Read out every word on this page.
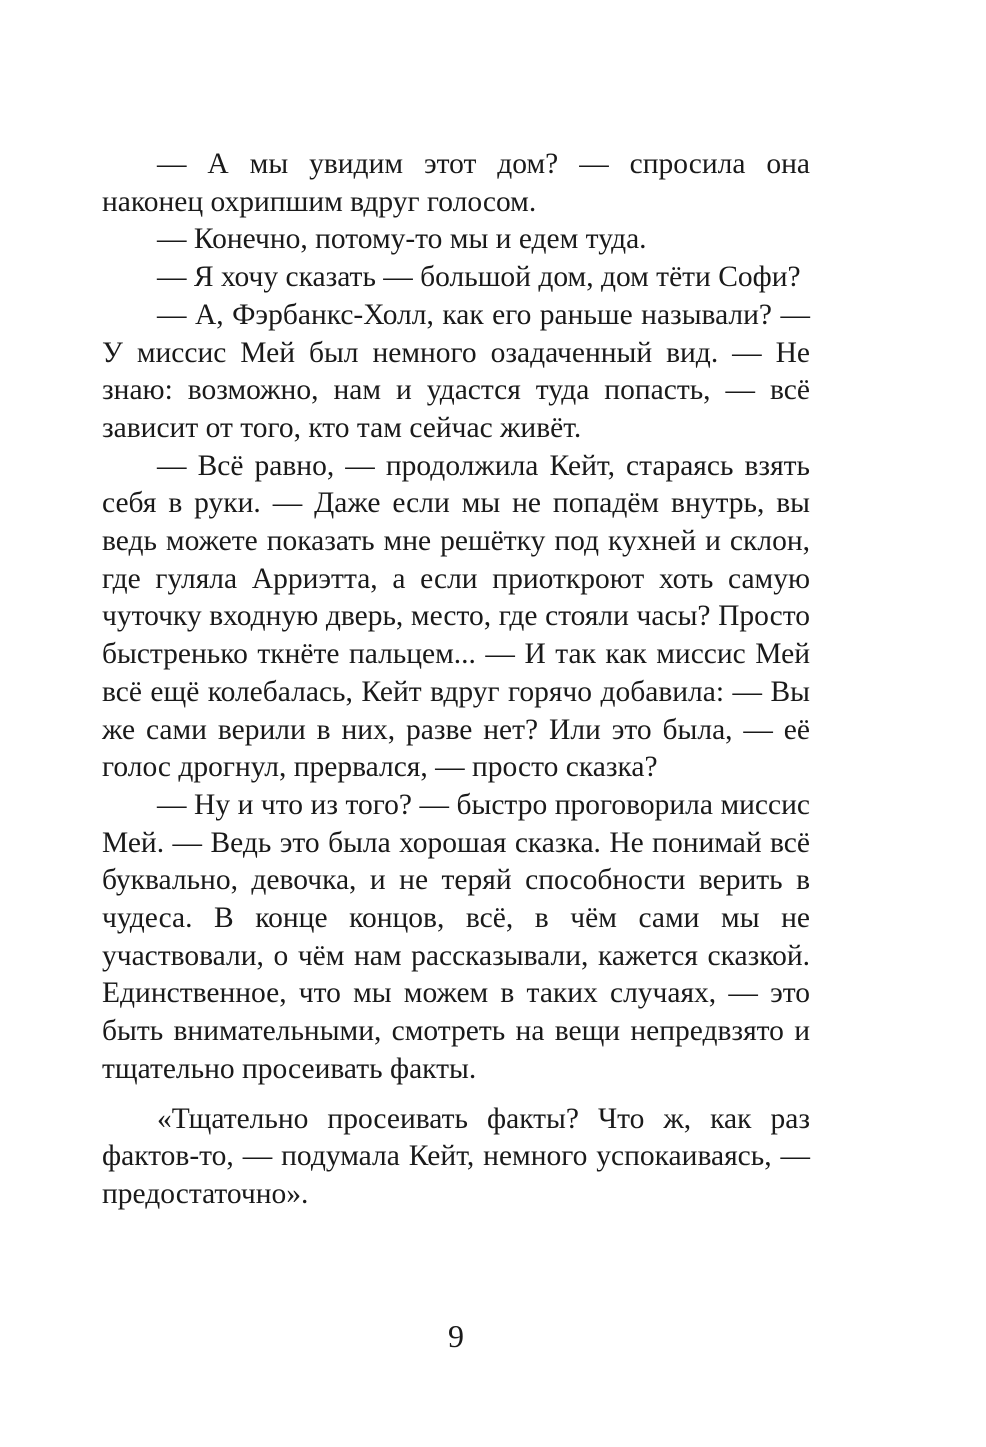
— А мы увидим этот дом? — спросила она наконец охрипшим вдруг голосом.

— Конечно, потому-то мы и едем туда.

— Я хочу сказать — большой дом, дом тёти Софи?

— А, Фэрбанкс-Холл, как его раньше называли? — У миссис Мей был немного озадаченный вид. — Не знаю: возможно, нам и удастся туда попасть, — всё зависит от того, кто там сейчас живёт.

— Всё равно, — продолжила Кейт, стараясь взять себя в руки. — Даже если мы не попадём внутрь, вы ведь можете показать мне решётку под кухней и склон, где гуляла Арриэтта, а если приоткроют хоть самую чуточку входную дверь, место, где стояли часы? Просто быстренько ткнёте пальцем... — И так как миссис Мей всё ещё колебалась, Кейт вдруг горячо добавила: — Вы же сами верили в них, разве нет? Или это была, — её голос дрогнул, прервался, — просто сказка?

— Ну и что из того? — быстро проговорила миссис Мей. — Ведь это была хорошая сказка. Не понимай всё буквально, девочка, и не теряй способности верить в чудеса. В конце концов, всё, в чём сами мы не участвовали, о чём нам рассказывали, кажется сказкой. Единственное, что мы можем в таких случаях, — это быть внимательными, смотреть на вещи непредвзято и тщательно просеивать факты.

«Тщательно просеивать факты? Что ж, как раз фактов-то, — подумала Кейт, немного успокаиваясь, — предостаточно».

9
